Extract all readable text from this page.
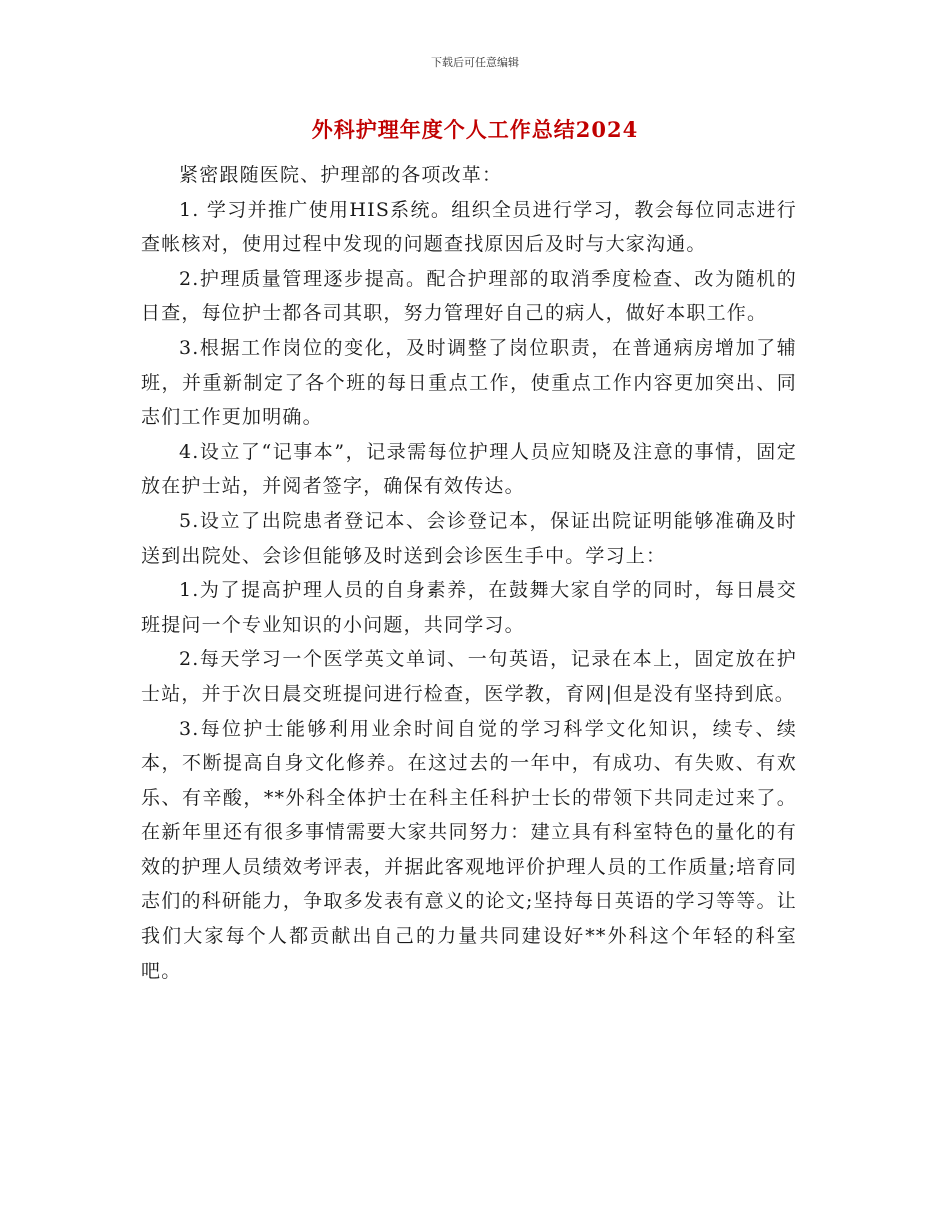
下载后可任意编辑
外科护理年度个人工作总结2024

紧密跟随医院、护理部的各项改革：

1. 学习并推广使用HIS系统。组织全员进行学习，教会每位同志进行查帐核对，使用过程中发现的问题查找原因后及时与大家沟通。

2.护理质量管理逐步提高。配合护理部的取消季度检查、改为随机的日查，每位护士都各司其职，努力管理好自己的病人，做好本职工作。

3.根据工作岗位的变化，及时调整了岗位职责，在普通病房增加了辅班，并重新制定了各个班的每日重点工作，使重点工作内容更加突出、同志们工作更加明确。

4.设立了“记事本”，记录需每位护理人员应知晓及注意的事情，固定放在护士站，并阅者签字，确保有效传达。

5.设立了出院患者登记本、会诊登记本，保证出院证明能够准确及时送到出院处、会诊但能够及时送到会诊医生手中。学习上：

1.为了提高护理人员的自身素养，在鼓舞大家自学的同时，每日晨交班提问一个专业知识的小问题，共同学习。

2.每天学习一个医学英文单词、一句英语，记录在本上，固定放在护士站，并于次日晨交班提问进行检查，医学教，育网|但是没有坚持到底。

3.每位护士能够利用业余时间自觉的学习科学文化知识，续专、续本，不断提高自身文化修养。在这过去的一年中，有成功、有失败、有欢乐、有辛酸，**外科全体护士在科主任科护士长的带领下共同走过来了。在新年里还有很多事情需要大家共同努力：建立具有科室特色的量化的有效的护理人员绩效考评表，并据此客观地评价护理人员的工作质量;培育同志们的科研能力，争取多发表有意义的论文;坚持每日英语的学习等等。让我们大家每个人都贡献出自己的力量共同建设好**外科这个年轻的科室吧。
